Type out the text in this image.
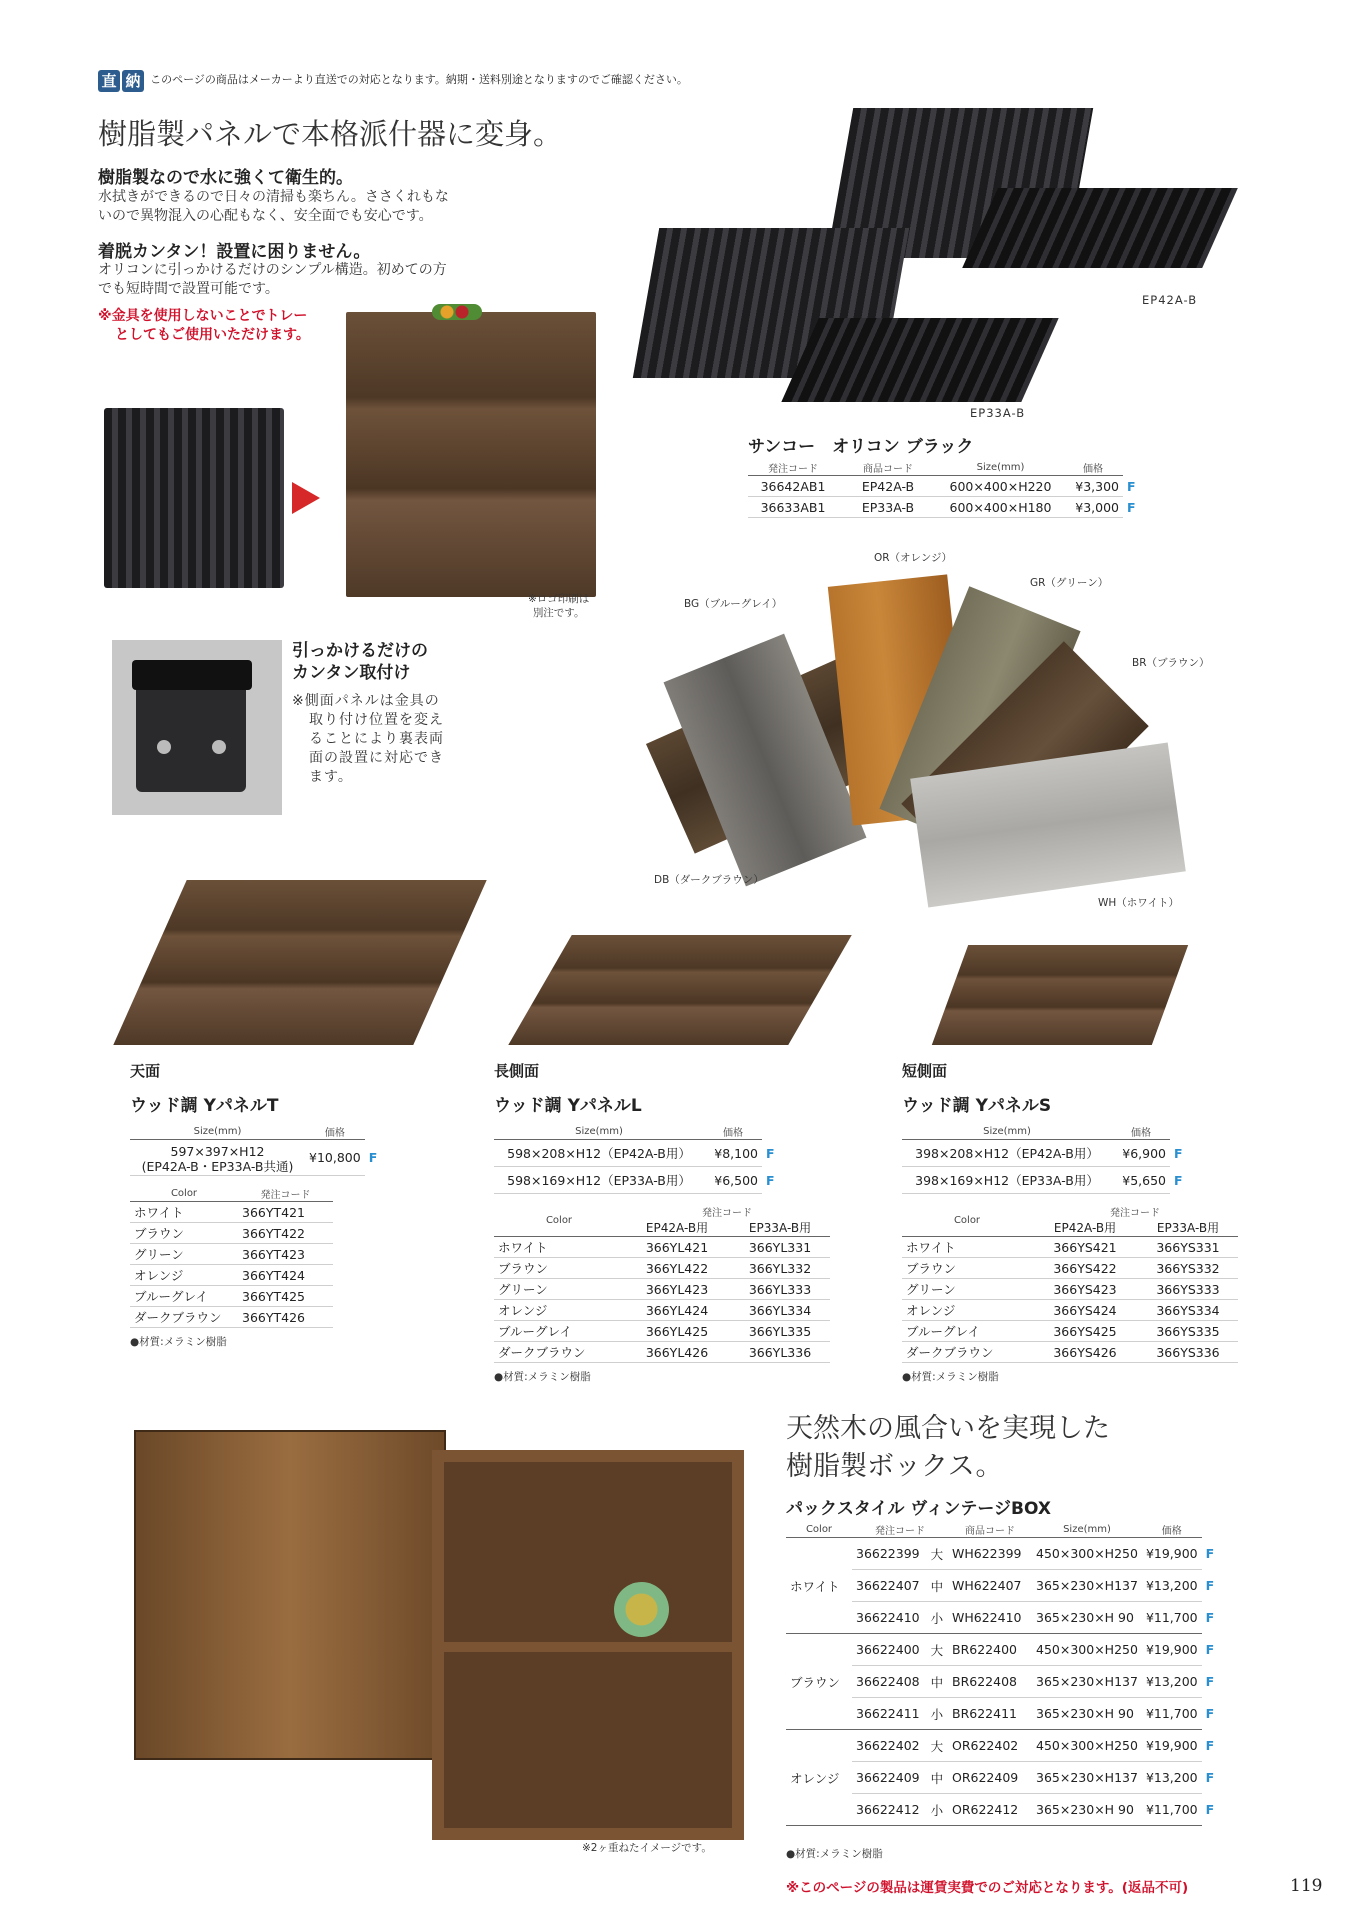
直 納 $^{このページの商品はメーカーより直送での対応となります。納期・送料別途となりますのでご確認ください。}$
樹脂製パネルで本格派什器に変身。
樹脂製なので水に強くて衛生的。
水拭きができるので日々の清掃も楽ちん。ささくれもな
いので異物混入の心配もなく、安全面でも安心です。
着脱カンタン！設置に困りません。
オリコンに引っかけるだけのシンプル構造。初めての方
でも短時間で設置可能です。
※金具を使用しないことでトレー
としてもご使用いただけます。
※ロゴ印刷は
別注です。
引っかけるだけの
カンタン取付け
※側面パネルは金具の
取り付け位置を変え
ることにより裏表両
面の設置に対応でき
ます。
EP42A-B
EP33A-B
サンコー　オリコン ブラック
発注コード	商品コード	Size(mm)	価格	
36642AB1	EP42A-B	600×400×H220	¥3,300	F
36633AB1	EP33A-B	600×400×H180	¥3,000	F
OR（オレンジ）
GR（グリーン）
BG（ブルーグレイ）
BR（ブラウン）
DB（ダークブラウン）
WH（ホワイト）
天面
ウッド調 YパネルT
Size(mm)	価格	

597×397×H12
(EP42A-B・EP33A-B共通)	¥10,800	F
Color	発注コード
ホワイト	366YT421
ブラウン	366YT422
グリーン	366YT423
オレンジ	366YT424
ブルーグレイ	366YT425
ダークブラウン	366YT426
●材質:メラミン樹脂
長側面
ウッド調 YパネルL
Size(mm)	価格	
598×208×H12（EP42A-B用）	¥8,100	F
598×169×H12（EP33A-B用）	¥6,500	F
Color	発注コード	
	EP42A-B用	EP33A-B用
ホワイト	366YL421	366YL331
ブラウン	366YL422	366YL332
グリーン	366YL423	366YL333
オレンジ	366YL424	366YL334
ブルーグレイ	366YL425	366YL335
ダークブラウン	366YL426	366YL336
●材質:メラミン樹脂
短側面
ウッド調 YパネルS
Size(mm)	価格	
398×208×H12（EP42A-B用）	¥6,900	F
398×169×H12（EP33A-B用）	¥5,650	F
Color	発注コード	
	EP42A-B用	EP33A-B用
ホワイト	366YS421	366YS331
ブラウン	366YS422	366YS332
グリーン	366YS423	366YS333
オレンジ	366YS424	366YS334
ブルーグレイ	366YS425	366YS335
ダークブラウン	366YS426	366YS336
●材質:メラミン樹脂
※2ヶ重ねたイメージです。
天然木の風合いを実現した
樹脂製ボックス。
パックスタイル ヴィンテージBOX
Color	発注コード		商品コード	Size(mm)	価格	
ホワイト	36622399	大	WH622399	450×300×H250	¥19,900	F
	36622407	中	WH622407	365×230×H137	¥13,200	F
	36622410	小	WH622410	365×230×H 90	¥11,700	F
ブラウン	36622400	大	BR622400	450×300×H250	¥19,900	F
	36622408	中	BR622408	365×230×H137	¥13,200	F
	36622411	小	BR622411	365×230×H 90	¥11,700	F
オレンジ	36622402	大	OR622402	450×300×H250	¥19,900	F
	36622409	中	OR622409	365×230×H137	¥13,200	F
	36622412	小	OR622412	365×230×H 90	¥11,700	F
●材質:メラミン樹脂
※このページの製品は運賃実費でのご対応となります。(返品不可)	119
